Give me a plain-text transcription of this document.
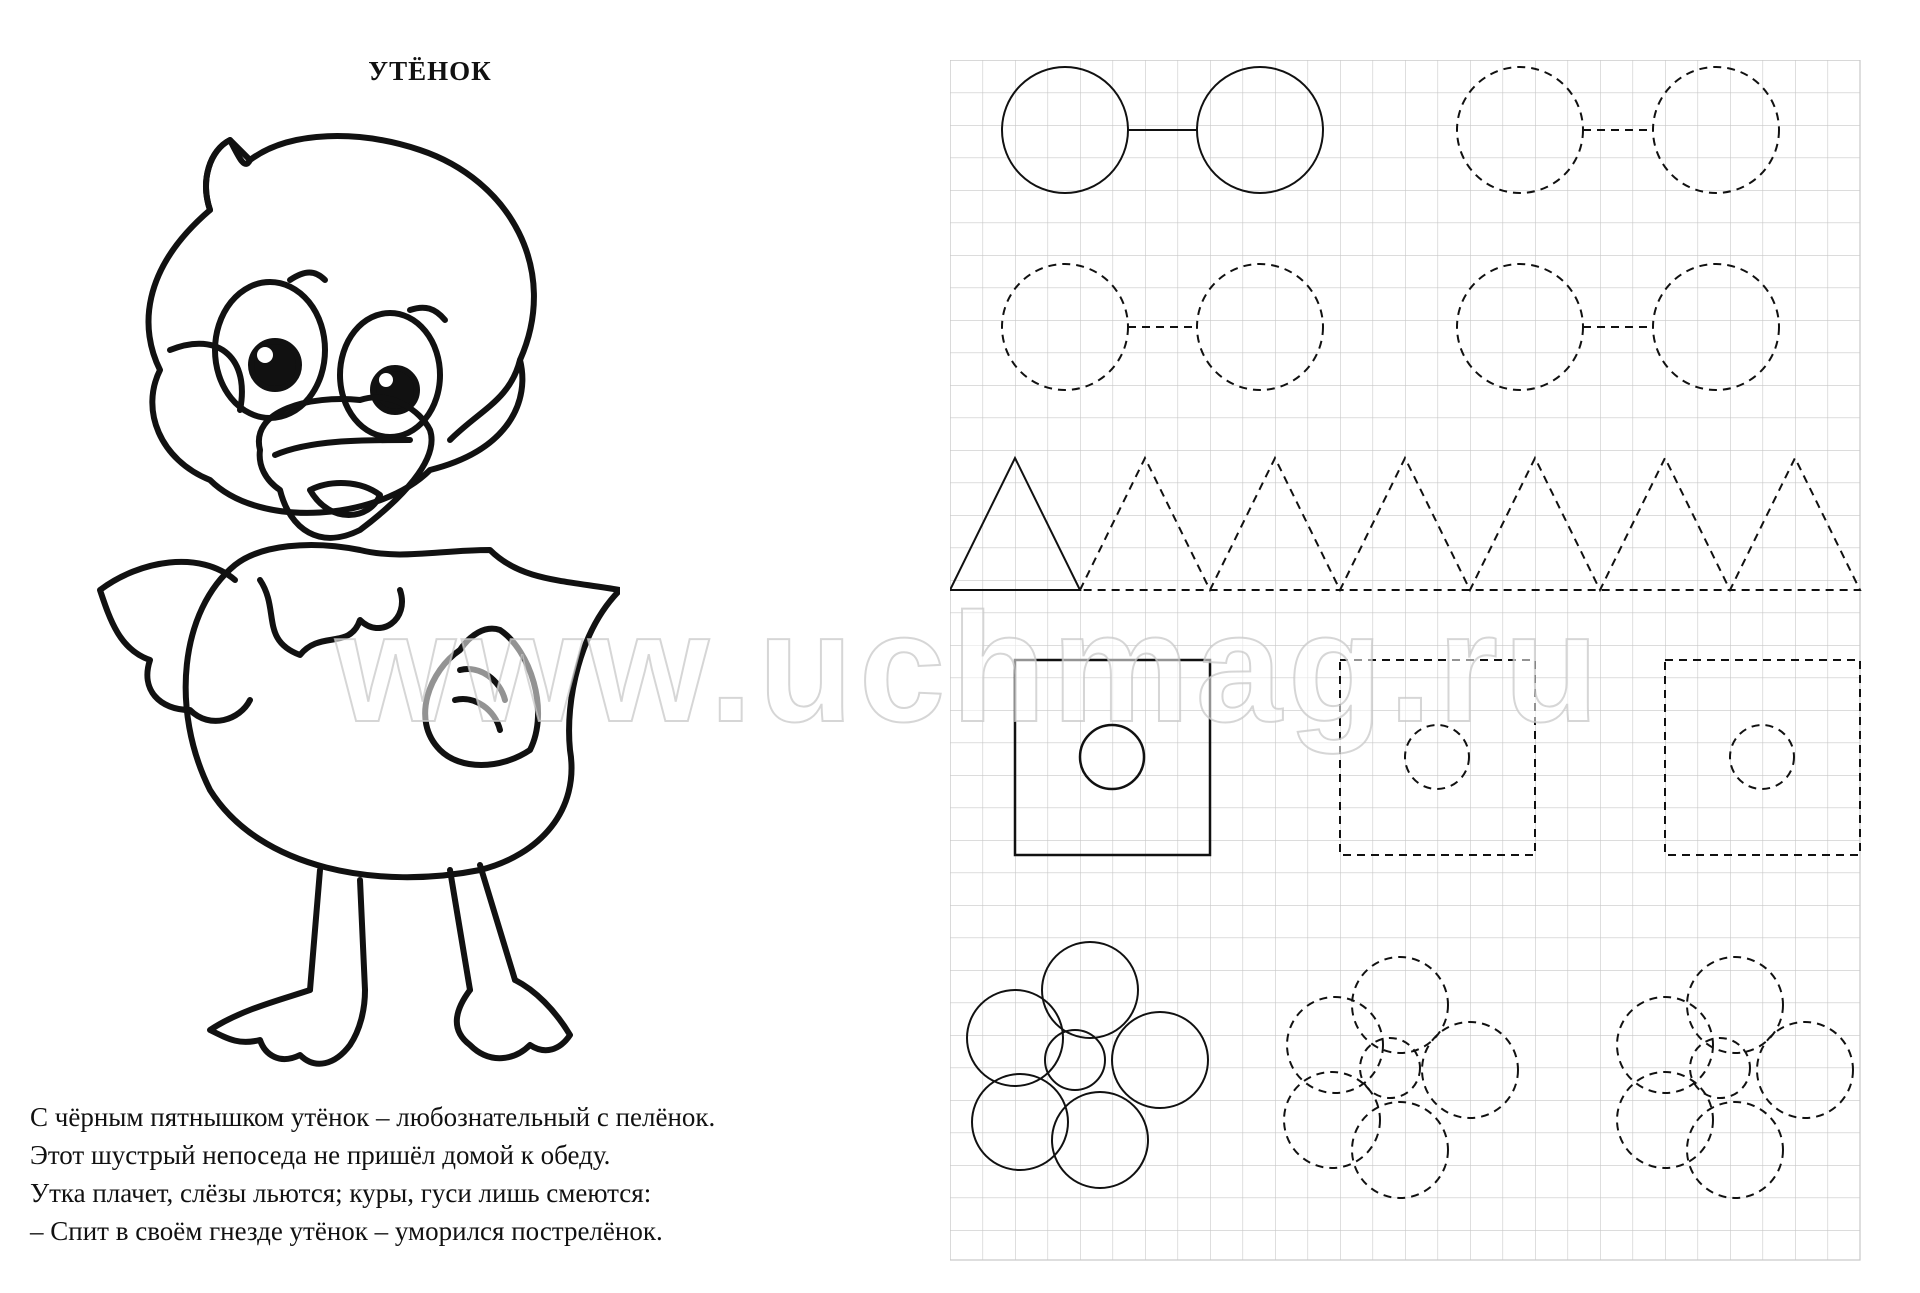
УТЁНОК
С чёрным пятнышком утёнок – любознательный с пелёнок.
Этот шустрый непоседа не пришёл домой к обеду.
Утка плачет, слёзы льются; куры, гуси лишь смеются:
– Спит в своём гнезде утёнок – уморился пострелёнок.
www.uchmag.ru
